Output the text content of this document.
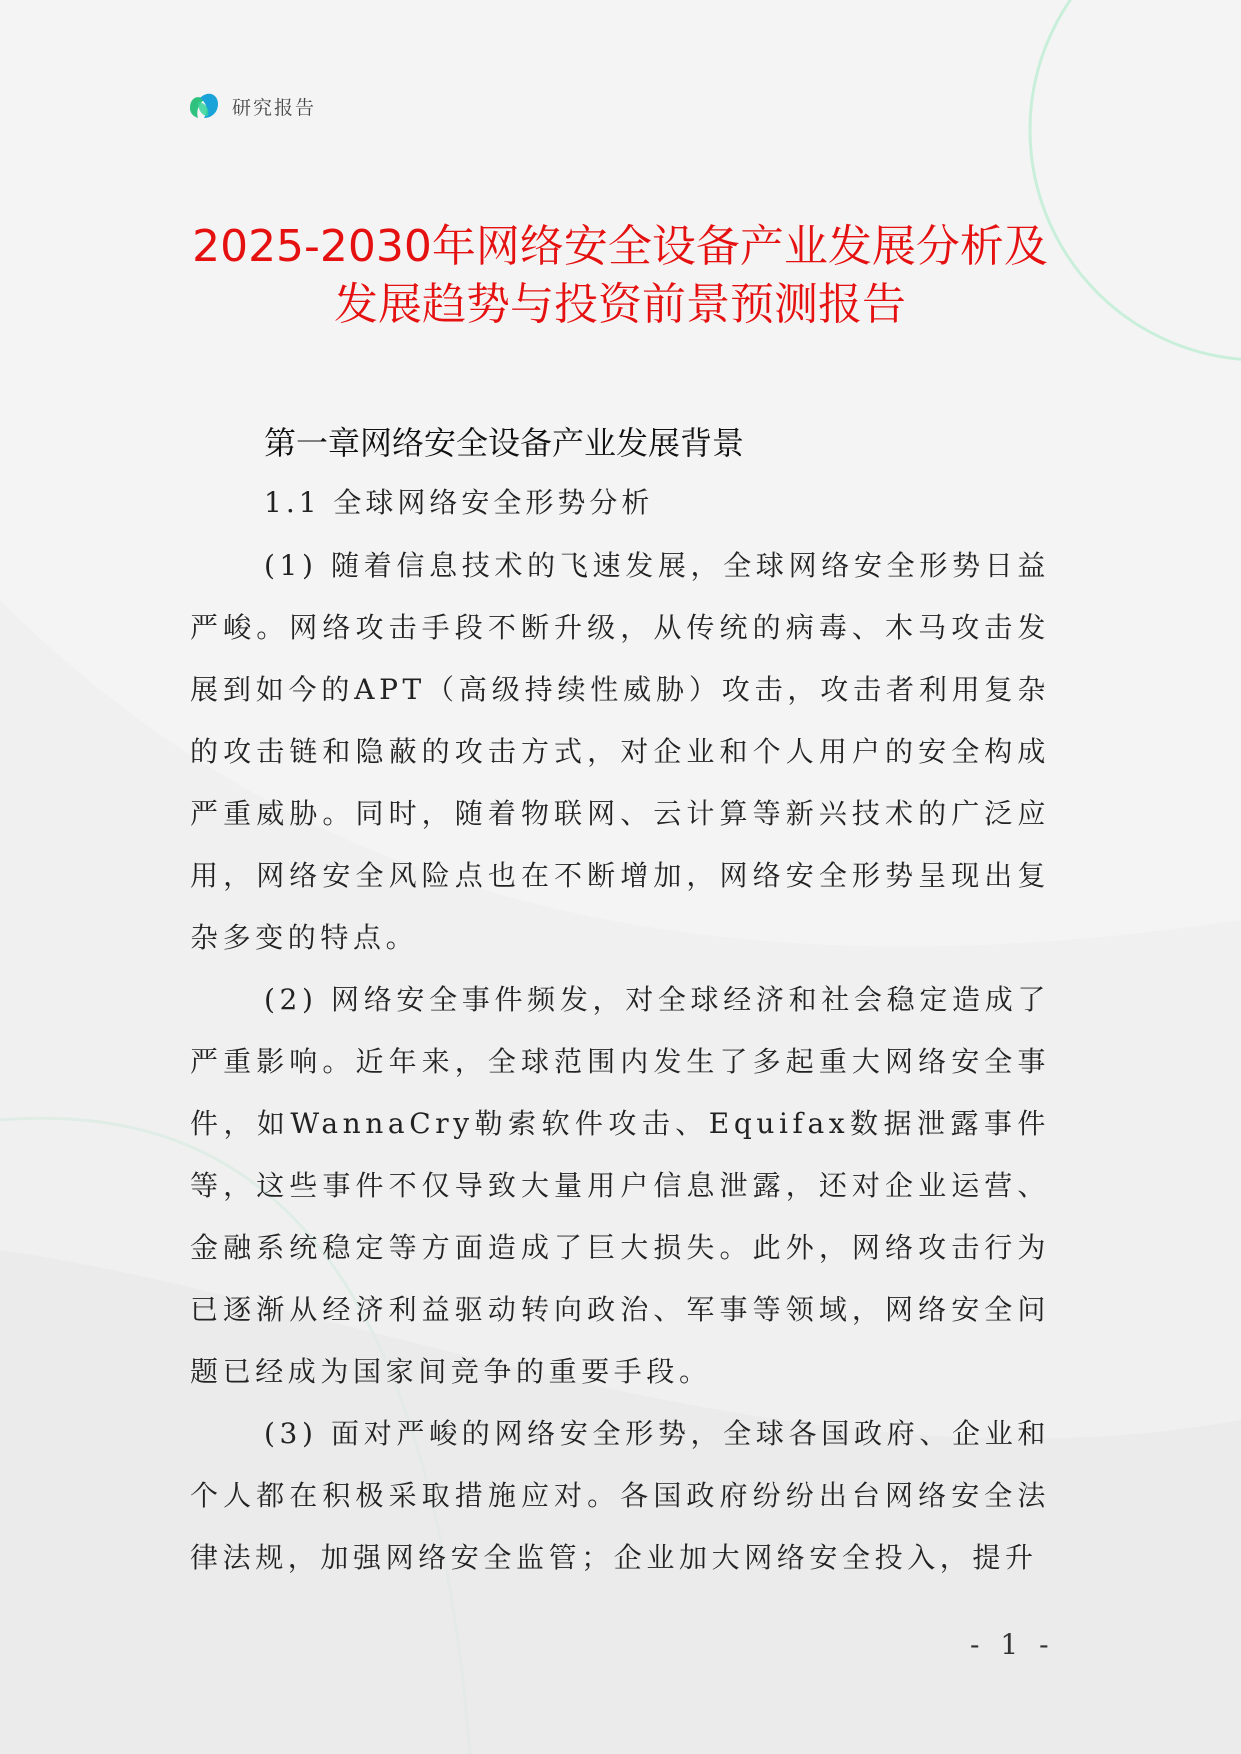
研究报告
2025-2030年网络安全设备产业发展分析及
发展趋势与投资前景预测报告
第一章网络安全设备产业发展背景
1.1 全球网络安全形势分析

(1) 随着信息技术的飞速发展，全球网络安全形势日益严峻。网络攻击手段不断升级，从传统的病毒、木马攻击发展到如今的APT（高级持续性威胁）攻击，攻击者利用复杂的攻击链和隐蔽的攻击方式，对企业和个人用户的安全构成严重威胁。同时，随着物联网、云计算等新兴技术的广泛应用，网络安全风险点也在不断增加，网络安全形势呈现出复杂多变的特点。

(2) 网络安全事件频发，对全球经济和社会稳定造成了严重影响。近年来，全球范围内发生了多起重大网络安全事件，如WannaCry勒索软件攻击、Equifax数据泄露事件等，这些事件不仅导致大量用户信息泄露，还对企业运营、金融系统稳定等方面造成了巨大损失。此外，网络攻击行为已逐渐从经济利益驱动转向政治、军事等领域，网络安全问题已经成为国家间竞争的重要手段。

(3) 面对严峻的网络安全形势，全球各国政府、企业和个人都在积极采取措施应对。各国政府纷纷出台网络安全法律法规，加强网络安全监管；企业加大网络安全投入，提升

- 1 -
